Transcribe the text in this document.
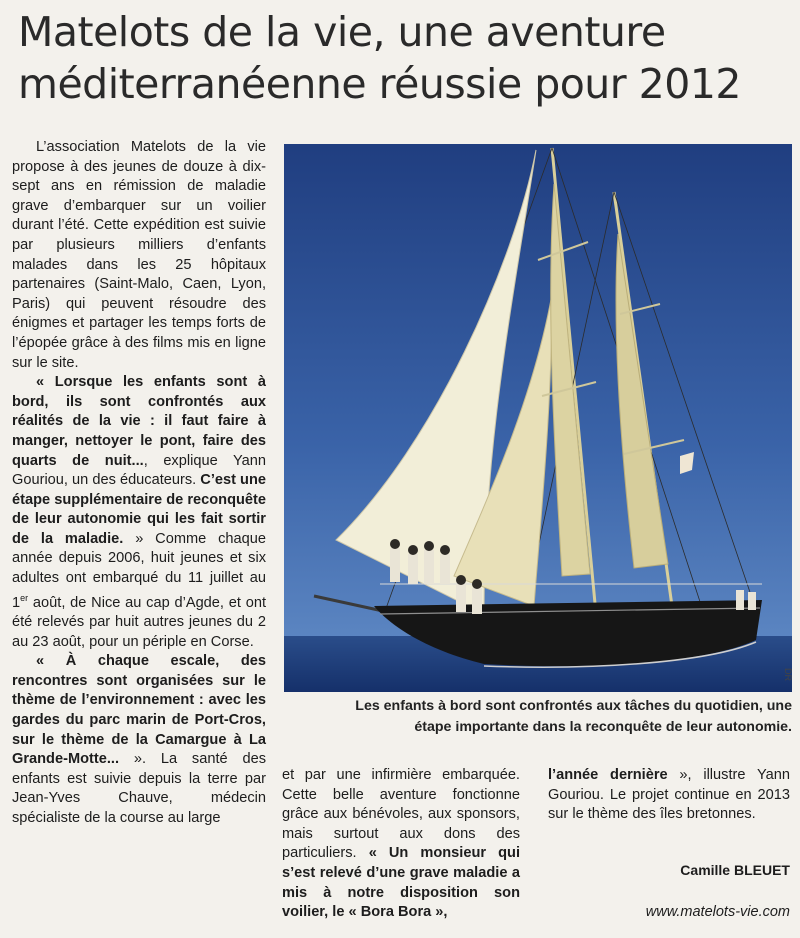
Matelots de la vie, une aventure
méditerranéenne réussie pour 2012

L’association Matelots de la vie propose à des jeunes de douze à dix-sept ans en rémission de maladie grave d’embarquer sur un voilier durant l’été. Cette expédition est suivie par plusieurs milliers d’enfants malades dans les 25 hôpitaux partenaires (Saint-Malo, Caen, Lyon, Paris) qui peuvent résoudre des énigmes et partager les temps forts de l’épopée grâce à des films mis en ligne sur le site.

« Lorsque les enfants sont à bord, ils sont confrontés aux réalités de la vie : il faut faire à manger, nettoyer le pont, faire des quarts de nuit..., explique Yann Gouriou, un des éducateurs. C’est une étape supplémentaire de reconquête de leur autonomie qui les fait sortir de la maladie. » Comme chaque année depuis 2006, huit jeunes et six adultes ont embarqué du 11 juillet au 1er août, de Nice au cap d’Agde, et ont été relevés par huit autres jeunes du 2 au 23 août, pour un périple en Corse.

« À chaque escale, des rencontres sont organisées sur le thème de l’environnement : avec les gardes du parc marin de Port-Cros, sur le thème de la Camargue à La Grande-Motte... ». La santé des enfants est suivie depuis la terre par Jean-Yves Chauve, médecin spécialiste de la course au large

DR
Les enfants à bord sont confrontés aux tâches du quotidien, une
étape importante dans la reconquête de leur autonomie.

et par une infirmière embarquée. Cette belle aventure fonctionne grâce aux bénévoles, aux sponsors, mais surtout aux dons des particuliers. « Un monsieur qui s’est relevé d’une grave maladie a mis à notre disposition son voilier, le « Bora Bora »,

l’année dernière », illustre Yann Gouriou. Le projet continue en 2013 sur le thème des îles bretonnes.

Camille BLEUET
www.matelots-vie.com
